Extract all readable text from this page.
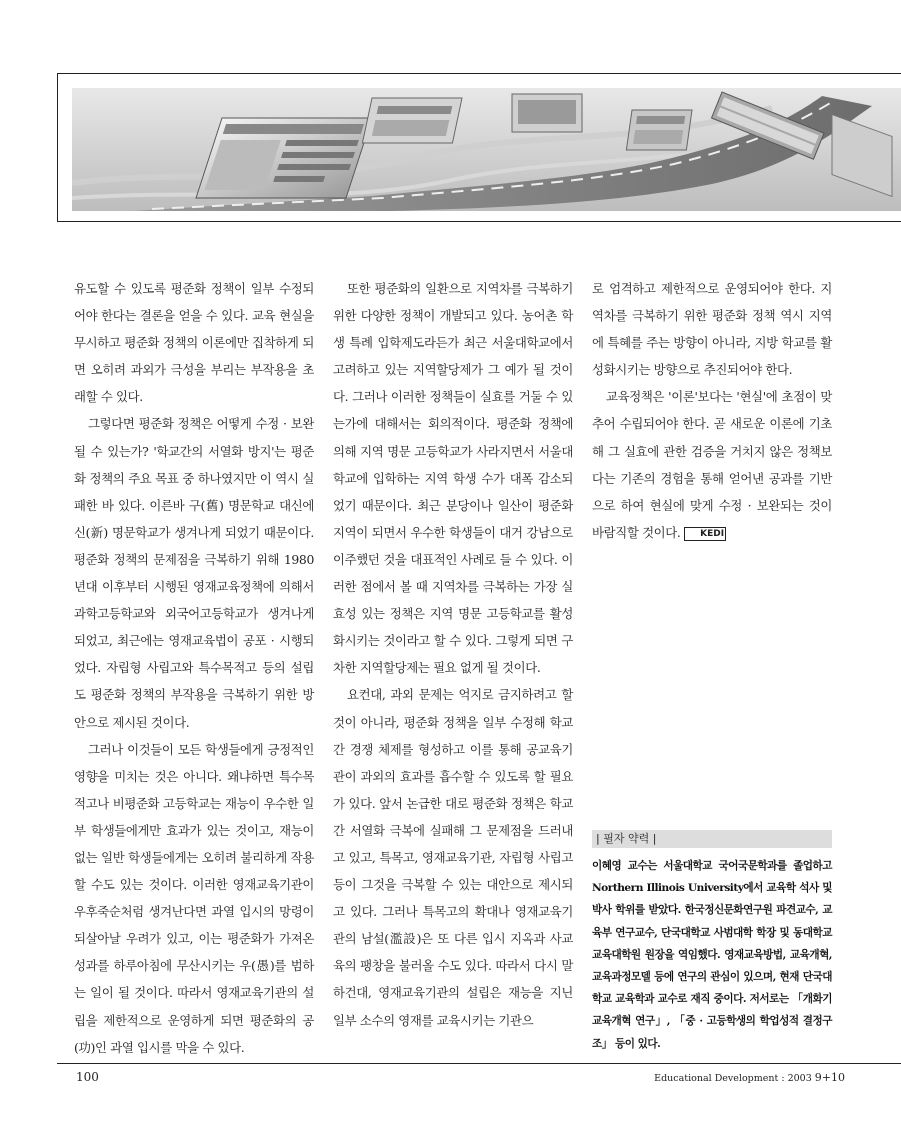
유도할 수 있도록 평준화 정책이 일부 수정되어야 한다는 결론을 얻을 수 있다. 교육 현실을 무시하고 평준화 정책의 이론에만 집착하게 되면 오히려 과외가 극성을 부리는 부작용을 초래할 수 있다.

그렇다면 평준화 정책은 어떻게 수정 · 보완될 수 있는가? '학교간의 서열화 방지'는 평준화 정책의 주요 목표 중 하나였지만 이 역시 실패한 바 있다. 이른바 구(舊) 명문학교 대신에 신(新) 명문학교가 생겨나게 되었기 때문이다. 평준화 정책의 문제점을 극복하기 위해 1980년대 이후부터 시행된 영재교육정책에 의해서 과학고등학교와 외국어고등학교가 생겨나게 되었고, 최근에는 영재교육법이 공포 · 시행되었다. 자립형 사립고와 특수목적고 등의 설립도 평준화 정책의 부작용을 극복하기 위한 방안으로 제시된 것이다.

그러나 이것들이 모든 학생들에게 긍정적인 영향을 미치는 것은 아니다. 왜냐하면 특수목적고나 비평준화 고등학교는 재능이 우수한 일부 학생들에게만 효과가 있는 것이고, 재능이 없는 일반 학생들에게는 오히려 불리하게 작용할 수도 있는 것이다. 이러한 영재교육기관이 우후죽순처럼 생겨난다면 과열 입시의 망령이 되살아날 우려가 있고, 이는 평준화가 가져온 성과를 하루아침에 무산시키는 우(愚)를 범하는 일이 될 것이다. 따라서 영재교육기관의 설립을 제한적으로 운영하게 되면 평준화의 공(功)인 과열 입시를 막을 수 있다.

또한 평준화의 일환으로 지역차를 극복하기 위한 다양한 정책이 개발되고 있다. 농어촌 학생 특례 입학제도라든가 최근 서울대학교에서 고려하고 있는 지역할당제가 그 예가 될 것이다. 그러나 이러한 정책들이 실효를 거둘 수 있는가에 대해서는 회의적이다. 평준화 정책에 의해 지역 명문 고등학교가 사라지면서 서울대학교에 입학하는 지역 학생 수가 대폭 감소되었기 때문이다. 최근 분당이나 일산이 평준화 지역이 되면서 우수한 학생들이 대거 강남으로 이주했던 것을 대표적인 사례로 들 수 있다. 이러한 점에서 볼 때 지역차를 극복하는 가장 실효성 있는 정책은 지역 명문 고등학교를 활성화시키는 것이라고 할 수 있다. 그렇게 되면 구차한 지역할당제는 필요 없게 될 것이다.

요컨대, 과외 문제는 억지로 금지하려고 할 것이 아니라, 평준화 정책을 일부 수정해 학교간 경쟁 체제를 형성하고 이를 통해 공교육기관이 과외의 효과를 흡수할 수 있도록 할 필요가 있다. 앞서 논급한 대로 평준화 정책은 학교간 서열화 극복에 실패해 그 문제점을 드러내고 있고, 특목고, 영재교육기관, 자립형 사립고 등이 그것을 극복할 수 있는 대안으로 제시되고 있다. 그러나 특목고의 확대나 영재교육기관의 남설(濫設)은 또 다른 입시 지옥과 사교육의 팽창을 불러올 수도 있다. 따라서 다시 말하건대, 영재교육기관의 설립은 재능을 지닌 일부 소수의 영재를 교육시키는 기관으

로 엄격하고 제한적으로 운영되어야 한다. 지역차를 극복하기 위한 평준화 정책 역시 지역에 특혜를 주는 방향이 아니라, 지방 학교를 활성화시키는 방향으로 추진되어야 한다.

교육정책은 '이론'보다는 '현실'에 초점이 맞추어 수립되어야 한다. 곧 새로운 이론에 기초해 그 실효에 관한 검증을 거치지 않은 정책보다는 기존의 경험을 통해 얻어낸 공과를 기반으로 하여 현실에 맞게 수정 · 보완되는 것이 바람직할 것이다. KEDI

| 필자 약력 |
이혜영 교수는 서울대학교 국어국문학과를 졸업하고 Northern Illinois University에서 교육학 석사 및 박사 학위를 받았다. 한국정신문화연구원 파견교수, 교육부 연구교수, 단국대학교 사범대학 학장 및 동대학교 교육대학원 원장을 역임했다. 영재교육방법, 교육개혁, 교육과정모델 등에 연구의 관심이 있으며, 현재 단국대학교 교육학과 교수로 재직 중이다. 저서로는 「개화기 교육개혁 연구」, 「중 · 고등학생의 학업성적 결정구조」 등이 있다.
100	Educational Development : 2003 9+10
